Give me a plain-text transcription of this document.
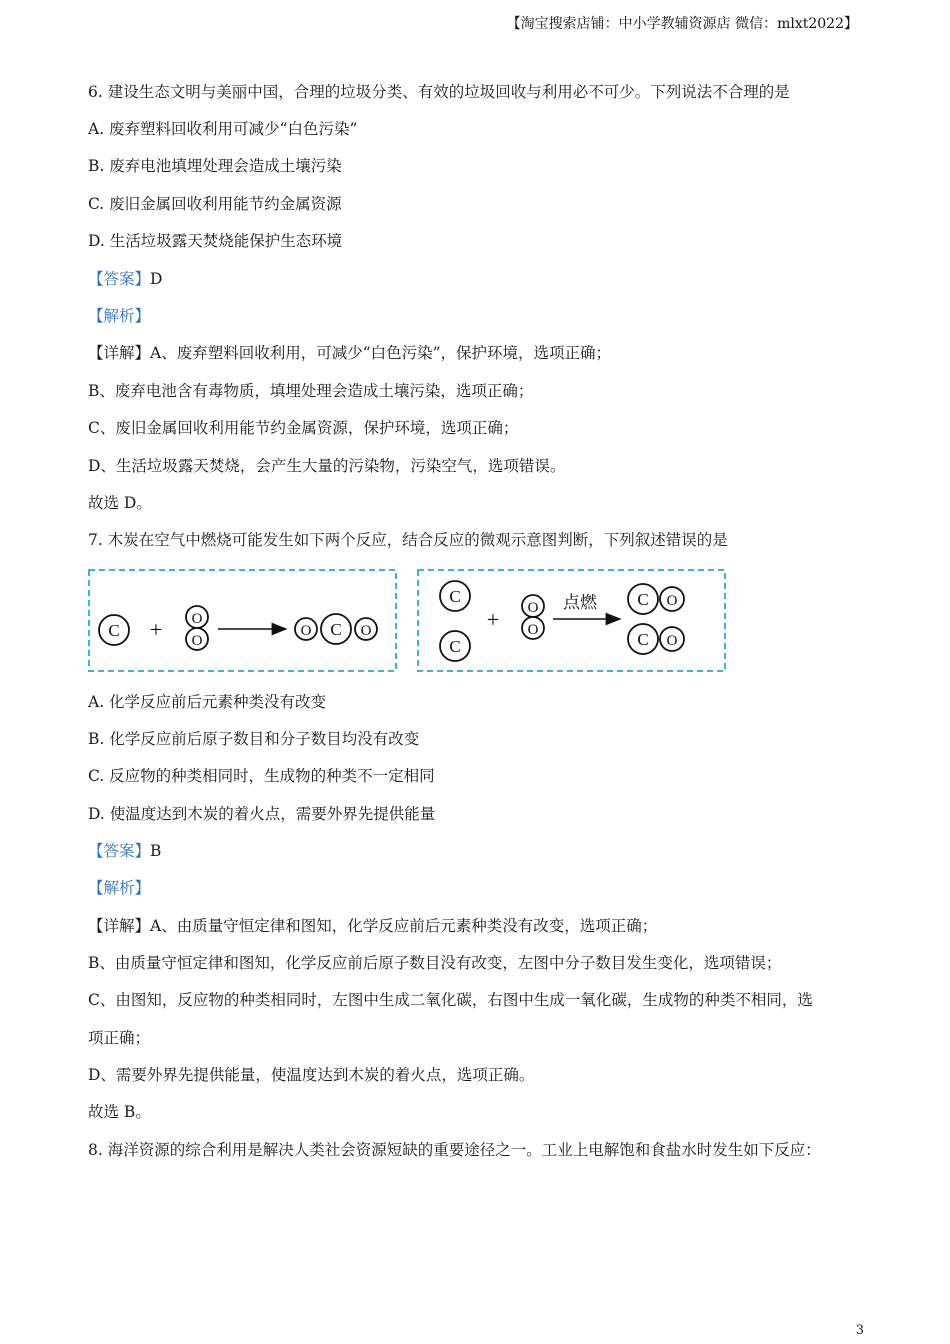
【淘宝搜索店铺：中小学教辅资源店 微信：mlxt2022】
6. 建设生态文明与美丽中国，合理的垃圾分类、有效的垃圾回收与利用必不可少。下列说法不合理的是
A. 废弃塑料回收利用可减少“白色污染”
B. 废弃电池填埋处理会造成土壤污染
C. 废旧金属回收利用能节约金属资源
D. 生活垃圾露天焚烧能保护生态环境
【答案】D
【解析】
【详解】A、废弃塑料回收利用，可减少“白色污染”，保护环境，选项正确；
B、废弃电池含有毒物质，填埋处理会造成土壤污染，选项正确；
C、废旧金属回收利用能节约金属资源，保护环境，选项正确；
D、生活垃圾露天焚烧，会产生大量的污染物，污染空气，选项错误。
故选 D。
7. 木炭在空气中燃烧可能发生如下两个反应，结合反应的微观示意图判断，下列叙述错误的是
C + O
O
O C O
C
C
+ O
O
点燃 C O
C O
A. 化学反应前后元素种类没有改变
B. 化学反应前后原子数目和分子数目均没有改变
C. 反应物的种类相同时，生成物的种类不一定相同
D. 使温度达到木炭的着火点，需要外界先提供能量
【答案】B
【解析】
【详解】A、由质量守恒定律和图知，化学反应前后元素种类没有改变，选项正确；
B、由质量守恒定律和图知，化学反应前后原子数目没有改变，左图中分子数目发生变化，选项错误；
C、由图知，反应物的种类相同时，左图中生成二氧化碳，右图中生成一氧化碳，生成物的种类不相同，选
项正确；
D、需要外界先提供能量，使温度达到木炭的着火点，选项正确。
故选 B。
8. 海洋资源的综合利用是解决人类社会资源短缺的重要途径之一。工业上电解饱和食盐水时发生如下反应：
3
